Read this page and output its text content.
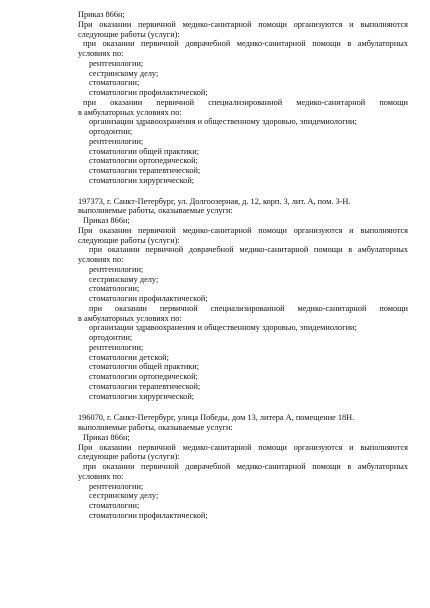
Приказ 866н;
При оказании первичной медико-санитарной помощи организуются и выполняются
следующие работы (услуги):
при оказании первичной доврачебной медико-санитарной помощи в амбулаторных
условиях по:
рентгенологии;
сестринскому делу;
стоматологии;
стоматологии профилактической;
при оказании первичной специализированной медико-санитарной помощи
в амбулаторных условиях по:
организации здравоохранения и общественному здоровью, эпидемиологии;
ортодонтии;
рентгенологии;
стоматологии общей практики;
стоматологии ортопедической;
стоматологии терапевтической;
стоматологии хирургической;
197373, г. Санкт-Петербург, ул. Долгоозерная, д. 12, корп. 3, лит. А, пом. 3-Н.
выполняемые работы, оказываемые услуги:
Приказ 866н;
При оказании первичной медико-санитарной помощи организуются и выполняются
следующие работы (услуги):
при оказании первичной доврачебной медико-санитарной помощи в амбулаторных
условиях по:
рентгенологии;
сестринскому делу;
стоматологии;
стоматологии профилактической;
при оказании первичной специализированной медико-санитарной помощи
в амбулаторных условиях по:
организации здравоохранения и общественному здоровью, эпидемиологии;
ортодонтии;
рентгенологии;
стоматологии детской;
стоматологии общей практики;
стоматологии ортопедической;
стоматологии терапевтической;
стоматологии хирургической;
196070, г. Санкт-Петербург, улица Победы, дом 13, литера А, помещение 18Н.
выполняемые работы, оказываемые услуги:
Приказ 866н;
При оказании первичной медико-санитарной помощи организуются и выполняются
следующие работы (услуги):
при оказании первичной доврачебной медико-санитарной помощи в амбулаторных
условиях по:
рентгенологии;
сестринскому делу;
стоматологии;
стоматологии профилактической;
